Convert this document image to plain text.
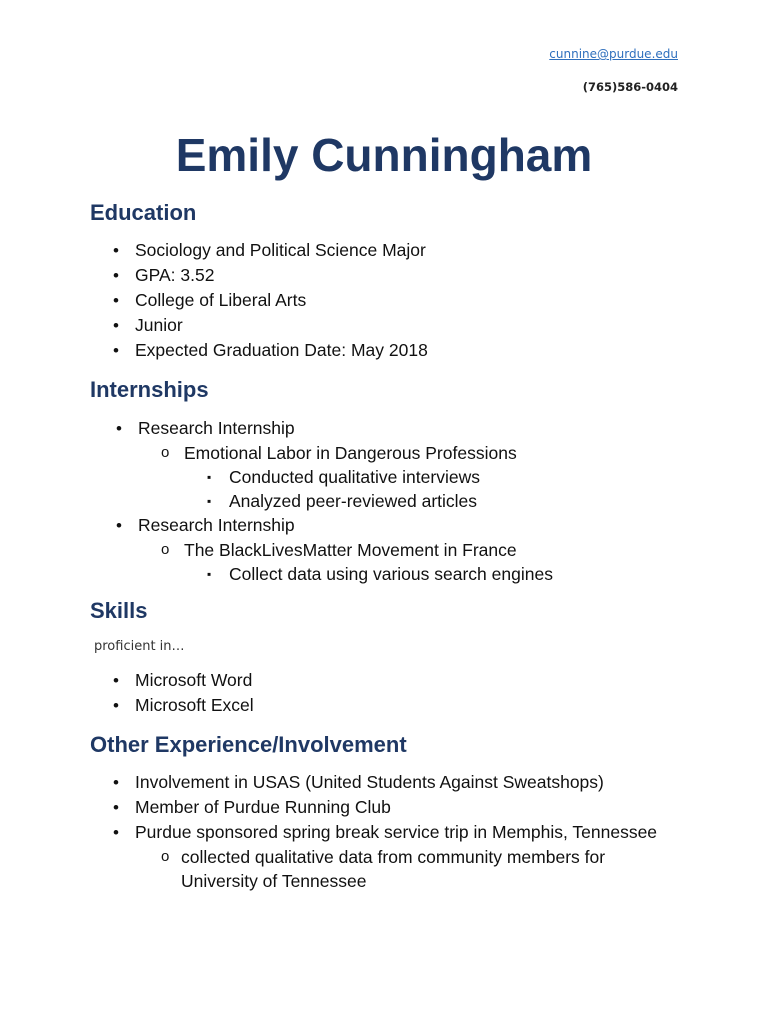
cunnine@purdue.edu
(765)586-0404
Emily Cunningham
Education
• Sociology and Political Science Major
• GPA: 3.52
• College of Liberal Arts
• Junior
• Expected Graduation Date: May 2018
Internships
• Research Internship
o Emotional Labor in Dangerous Professions
▪ Conducted qualitative interviews
▪ Analyzed peer-reviewed articles
• Research Internship
o The BlackLivesMatter Movement in France
▪ Collect data using various search engines
Skills
proficient in…
• Microsoft Word
• Microsoft Excel
Other Experience/Involvement
• Involvement in USAS (United Students Against Sweatshops)
• Member of Purdue Running Club
• Purdue sponsored spring break service trip in Memphis, Tennessee
o collected qualitative data from community members for University of Tennessee
